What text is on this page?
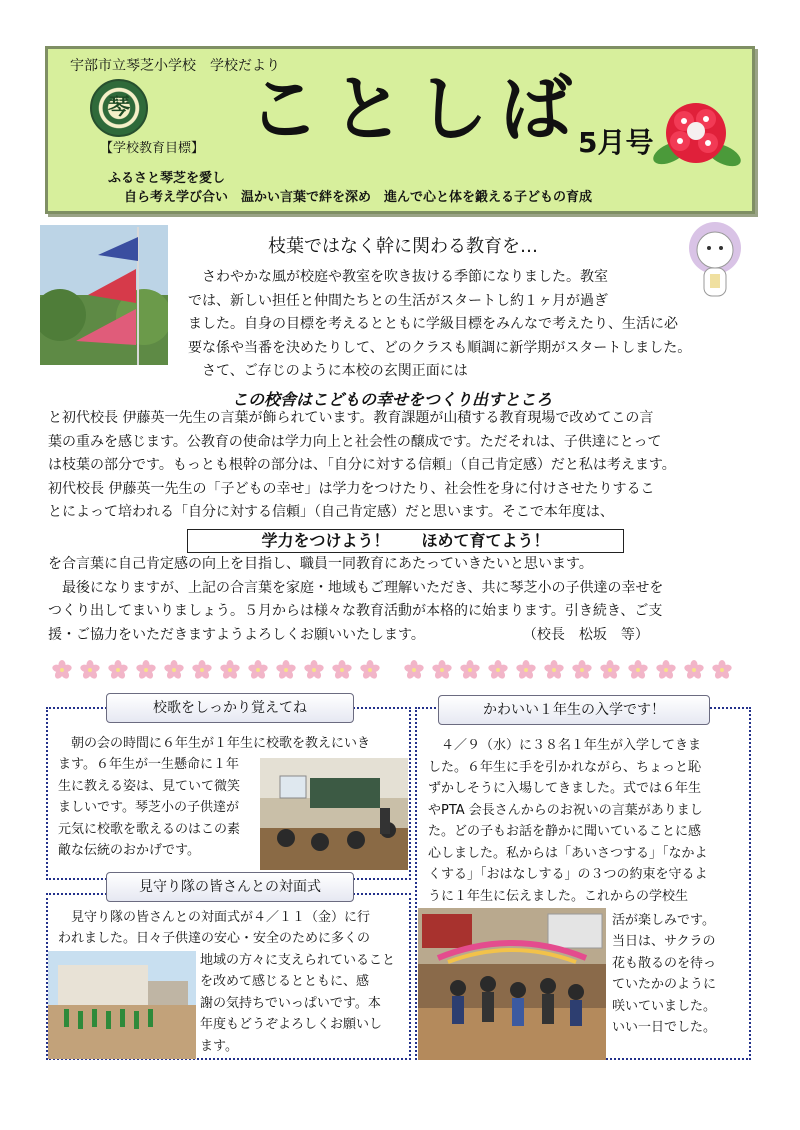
宇部市立琴芝小学校　学校だより
琴
【学校教育目標】 ことしば
5月号
ふるさと琴芝を愛し
自ら考え学び合い　温かい言葉で絆を深め　進んで心と体を鍛える子どもの育成
枝葉ではなく幹に関わる教育を…
　さわやかな風が校庭や教室を吹き抜ける季節になりました。教室
では、新しい担任と仲間たちとの生活がスタートし約１ヶ月が過ぎ
ました。自身の目標を考えるとともに学級目標をみんなで考えたり、生活に必
要な係や当番を決めたりして、どのクラスも順調に新学期がスタートしました。
　さて、ご存じのように本校の玄関正面には
この校舎はこどもの幸せをつくり出すところ
と初代校長 伊藤英一先生の言葉が飾られています。教育課題が山積する教育現場で改めてこの言
葉の重みを感じます。公教育の使命は学力向上と社会性の醸成です。ただそれは、子供達にとって
は枝葉の部分です。もっとも根幹の部分は、｢自分に対する信頼｣（自己肯定感）だと私は考えます。
初代校長 伊藤英一先生の「子どもの幸せ」は学力をつけたり、社会性を身に付けさせたりするこ
とによって培われる「自分に対する信頼」（自己肯定感）だと思います。そこで本年度は、
学力をつけよう！　　ほめて育てよう！
を合言葉に自己肯定感の向上を目指し、職員一同教育にあたっていきたいと思います。
　最後になりますが、上記の合言葉を家庭・地域もご理解いただき、共に琴芝小の子供達の幸せを
つくり出してまいりましょう。５月からは様々な教育活動が本格的に始まります。引き続き、ご支
援・ご協力をいただきますようよろしくお願いいたします。　　　　　　　　（校長　松坂　等）
校歌をしっかり覚えてね
　朝の会の時間に６年生が１年生に校歌を教えにいき
ます。６年生が一生懸命に１年
生に教える姿は、見ていて微笑
ましいです。琴芝小の子供達が
元気に校歌を歌えるのはこの素
敵な伝統のおかげです。
見守り隊の皆さんとの対面式
　見守り隊の皆さんとの対面式が４／１１（金）に行
われました。日々子供達の安心・安全のために多くの
地域の方々に支えられていること
を改めて感じるとともに、感
謝の気持ちでいっぱいです。本
年度もどうぞよろしくお願いし
ます。
かわいい１年生の入学です！
　４／９（水）に３８名１年生が入学してきま
した。６年生に手を引かれながら、ちょっと恥
ずかしそうに入場してきました。式では６年生
やPTA 会長さんからのお祝いの言葉がありまし
た。どの子もお話を静かに聞いていることに感
心しました。私からは「あいさつする」「なかよ
くする」「おはなしする」の３つの約束を守るよ
うに１年生に伝えました。これからの学校生
活が楽しみです。
当日は、サクラの
花も散るのを待っ
ていたかのように
咲いていました。
いい一日でした。
